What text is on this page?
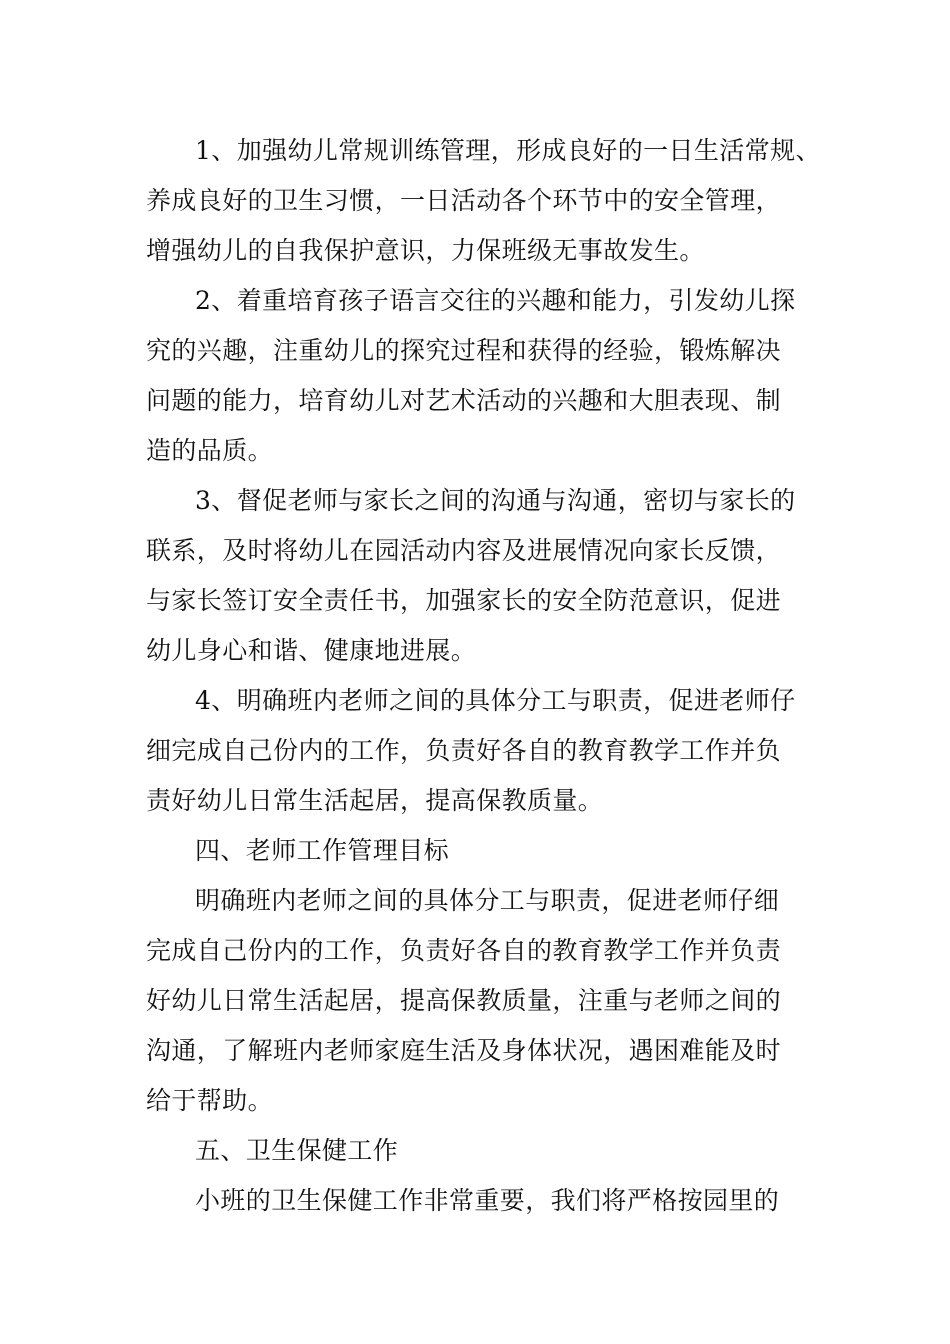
1、加强幼儿常规训练管理，形成良好的一日生活常规、
养成良好的卫生习惯，一日活动各个环节中的安全管理，
增强幼儿的自我保护意识，力保班级无事故发生。
2、着重培育孩子语言交往的兴趣和能力，引发幼儿探
究的兴趣，注重幼儿的探究过程和获得的经验，锻炼解决
问题的能力，培育幼儿对艺术活动的兴趣和大胆表现、制
造的品质。
3、督促老师与家长之间的沟通与沟通，密切与家长的
联系，及时将幼儿在园活动内容及进展情况向家长反馈，
与家长签订安全责任书，加强家长的安全防范意识，促进
幼儿身心和谐、健康地进展。
4、明确班内老师之间的具体分工与职责，促进老师仔
细完成自己份内的工作，负责好各自的教育教学工作并负
责好幼儿日常生活起居，提高保教质量。
四、老师工作管理目标
明确班内老师之间的具体分工与职责，促进老师仔细
完成自己份内的工作，负责好各自的教育教学工作并负责
好幼儿日常生活起居，提高保教质量，注重与老师之间的
沟通，了解班内老师家庭生活及身体状况，遇困难能及时
给于帮助。
五、卫生保健工作
小班的卫生保健工作非常重要，我们将严格按园里的
